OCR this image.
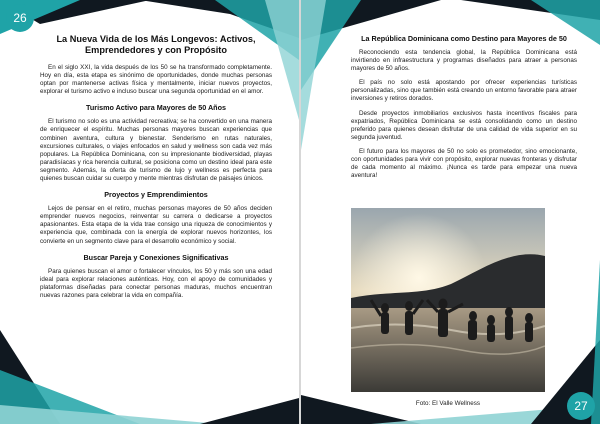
26
La Nueva Vida de los Más Longevos: Activos, Emprendedores y con Propósito

En el siglo XXI, la vida después de los 50 se ha transformado completamente. Hoy en día, esta etapa es sinónimo de oportunidades, donde muchas personas optan por mantenerse activas física y mentalmente, iniciar nuevos proyectos, explorar el turismo activo e incluso buscar una segunda oportunidad en el amor.

Turismo Activo para Mayores de 50 Años

El turismo no solo es una actividad recreativa; se ha convertido en una manera de enriquecer el espíritu. Muchas personas mayores buscan experiencias que combinen aventura, cultura y bienestar. Senderismo en rutas naturales, excursiones culturales, o viajes enfocados en salud y wellness son cada vez más populares. La República Dominicana, con su impresionante biodiversidad, playas paradisíacas y rica herencia cultural, se posiciona como un destino ideal para este segmento. Además, la oferta de turismo de lujo y wellness es perfecta para quienes buscan cuidar su cuerpo y mente mientras disfrutan de paisajes únicos.

Proyectos y Emprendimientos

Lejos de pensar en el retiro, muchas personas mayores de 50 años deciden emprender nuevos negocios, reinventar su carrera o dedicarse a proyectos apasionantes. Esta etapa de la vida trae consigo una riqueza de conocimientos y experiencia que, combinada con la energía de explorar nuevos horizontes, los convierte en un segmento clave para el desarrollo económico y social.

Buscar Pareja y Conexiones Significativas

Para quienes buscan el amor o fortalecer vínculos, los 50 y más son una edad ideal para explorar relaciones auténticas. Hoy, con el apoyo de comunidades y plataformas diseñadas para conectar personas maduras, muchos encuentran nuevas razones para celebrar la vida en compañía.

La República Dominicana como Destino para Mayores de 50

Reconociendo esta tendencia global, la República Dominicana está invirtiendo en infraestructura y programas diseñados para atraer a personas mayores de 50 años.

El país no solo está apostando por ofrecer experiencias turísticas personalizadas, sino que también está creando un entorno favorable para atraer inversiones y retiros dorados.

Desde proyectos inmobiliarios exclusivos hasta incentivos fiscales para expatriados, República Dominicana se está consolidando como un destino preferido para quienes desean disfrutar de una calidad de vida superior en su segunda juventud.

El futuro para los mayores de 50 no solo es prometedor, sino emocionante, con oportunidades para vivir con propósito, explorar nuevas fronteras y disfrutar de cada momento al máximo. ¡Nunca es tarde para empezar una nueva aventura!

Foto: El Valle Wellness	27
